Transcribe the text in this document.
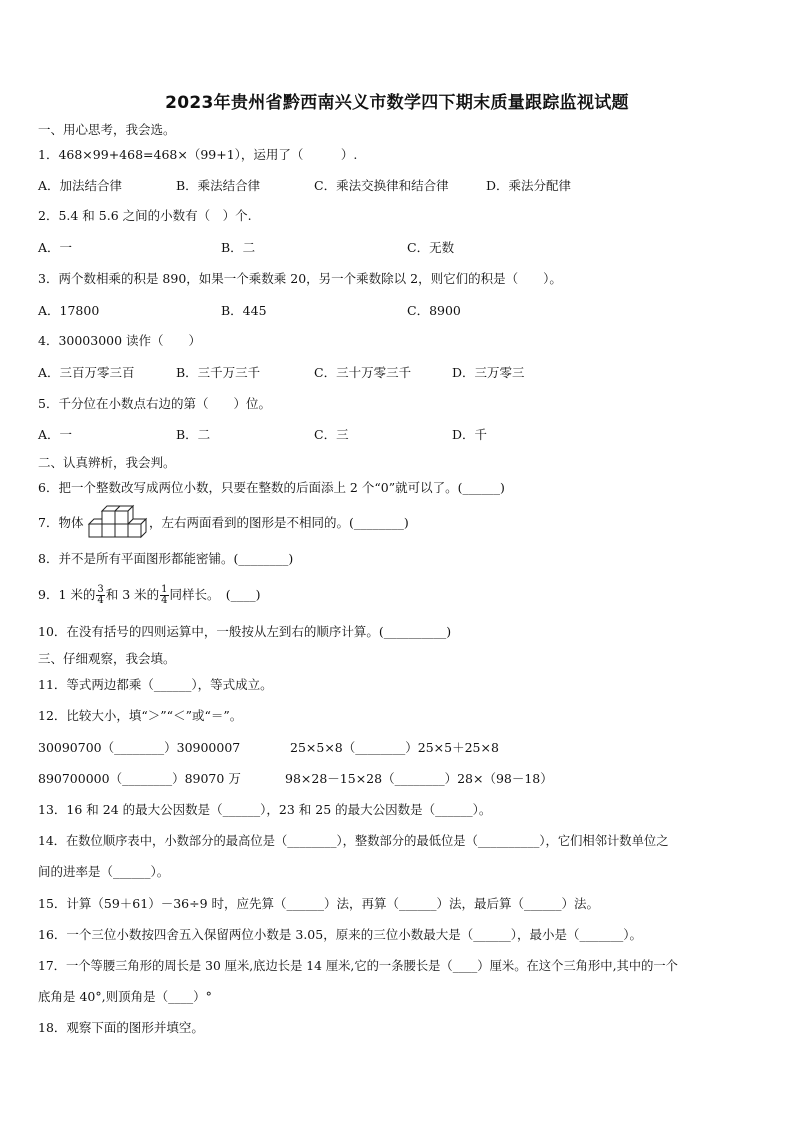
2023年贵州省黔西南兴义市数学四下期末质量跟踪监视试题
一、用心思考，我会选。
1．468×99+468=468×（99+1），运用了（　　　）.
A．加法结合律	B．乘法结合律	C．乘法交换律和结合律	D．乘法分配律
2．5.4 和 5.6 之间的小数有（　）个.
A．一	B．二	C．无数
3．两个数相乘的积是 890，如果一个乘数乘 20，另一个乘数除以 2，则它们的积是（　　）。
A．17800	B．445	C．8900
4．30003000 读作（　　）
A．三百万零三百	B．三千万三千	C．三十万零三千	D．三万零三
5．千分位在小数点右边的第（　　）位。
A．一	B．二	C．三	D．千
二、认真辨析，我会判。
6．把一个整数改写成两位小数，只要在整数的后面添上 2 个“0”就可以了。(______)
7．物体	，左右两面看到的图形是不相同的。(________)
8．并不是所有平面图形都能密铺。(________)
9．1 米的 $\frac{3}{4}$ 和 3 米的 $\frac{1}{4}$ 同样长。　(____)
10．在没有括号的四则运算中，一般按从左到右的顺序计算。(__________)
三、仔细观察，我会填。
11．等式两边都乘（______），等式成立。
12．比较大小，填“＞”“＜”或“＝”。
30090700（________）30900007	25×5×8（________）25×5＋25×8
890700000（________）89070 万	98×28－15×28（________）28×（98－18）
13．16 和 24 的最大公因数是（______），23 和 25 的最大公因数是（______）。
14．在数位顺序表中，小数部分的最高位是（________），整数部分的最低位是（__________），它们相邻计数单位之
间的进率是（______）。
15．计算（59＋61）－36÷9 时，应先算（______）法，再算（______）法，最后算（______）法。
16．一个三位小数按四舍五入保留两位小数是 3.05，原来的三位小数最大是（______），最小是（_______）。
17．一个等腰三角形的周长是 30 厘米,底边长是 14 厘米,它的一条腰长是（____）厘米。在这个三角形中,其中的一个
底角是 40°,则顶角是（____）°
18．观察下面的图形并填空。
